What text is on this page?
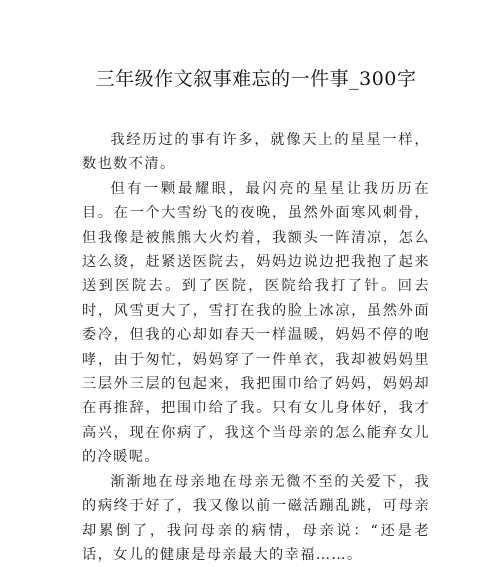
三年级作文叙事难忘的一件事_300字

我经历过的事有许多，就像天上的星星一样，数也数不清。

但有一颗最耀眼，最闪亮的星星让我历历在目。在一个大雪纷飞的夜晚，虽然外面寒风刺骨，但我像是被熊熊大火灼着，我额头一阵清凉，怎么这么烫，赶紧送医院去，妈妈边说边把我抱了起来送到医院去。到了医院，医院给我打了针。回去时，风雪更大了，雪打在我的脸上冰凉，虽然外面委冷，但我的心却如春天一样温暖，妈妈不停的咆哮，由于匆忙，妈妈穿了一件单衣，我却被妈妈里三层外三层的包起来，我把围巾给了妈妈，妈妈却在再推辞，把围巾给了我。只有女儿身体好，我才高兴，现在你病了，我这个当母亲的怎么能弃女儿的冷暖呢。

渐渐地在母亲地在母亲无微不至的关爱下，我的病终于好了，我又像以前一磁活蹦乱跳，可母亲却累倒了，我问母亲的病情，母亲说：“还是老话，女儿的健康是母亲最大的幸福……。
